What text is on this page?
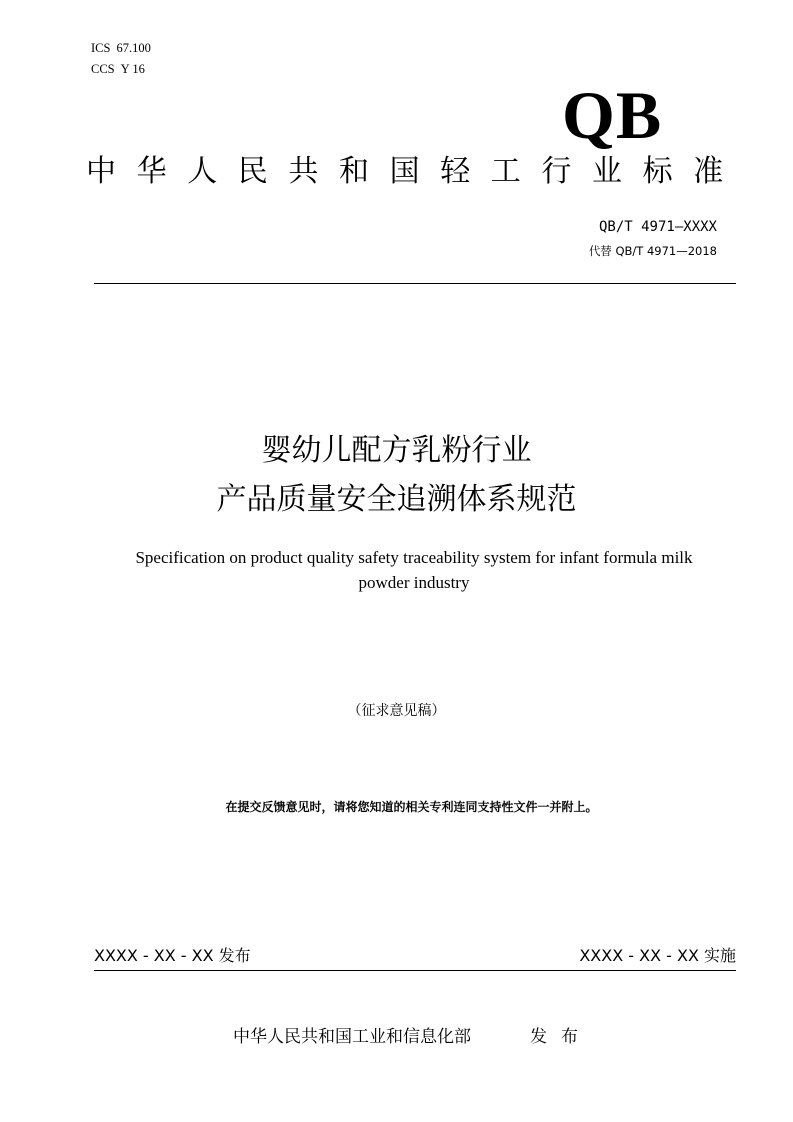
ICS 67.100
CCS Y 16
QB
中华人民共和国轻工行业标准
QB/T 4971—XXXX
代替 QB/T 4971—2018
婴幼儿配方乳粉行业
产品质量安全追溯体系规范
Specification on product quality safety traceability system for infant formula milk
powder industry
（征求意见稿）
在提交反馈意见时，请将您知道的相关专利连同支持性文件一并附上。
XXXX - XX - XX 发布	XXXX - XX - XX 实施
中华人民共和国工业和信息化部	发布
